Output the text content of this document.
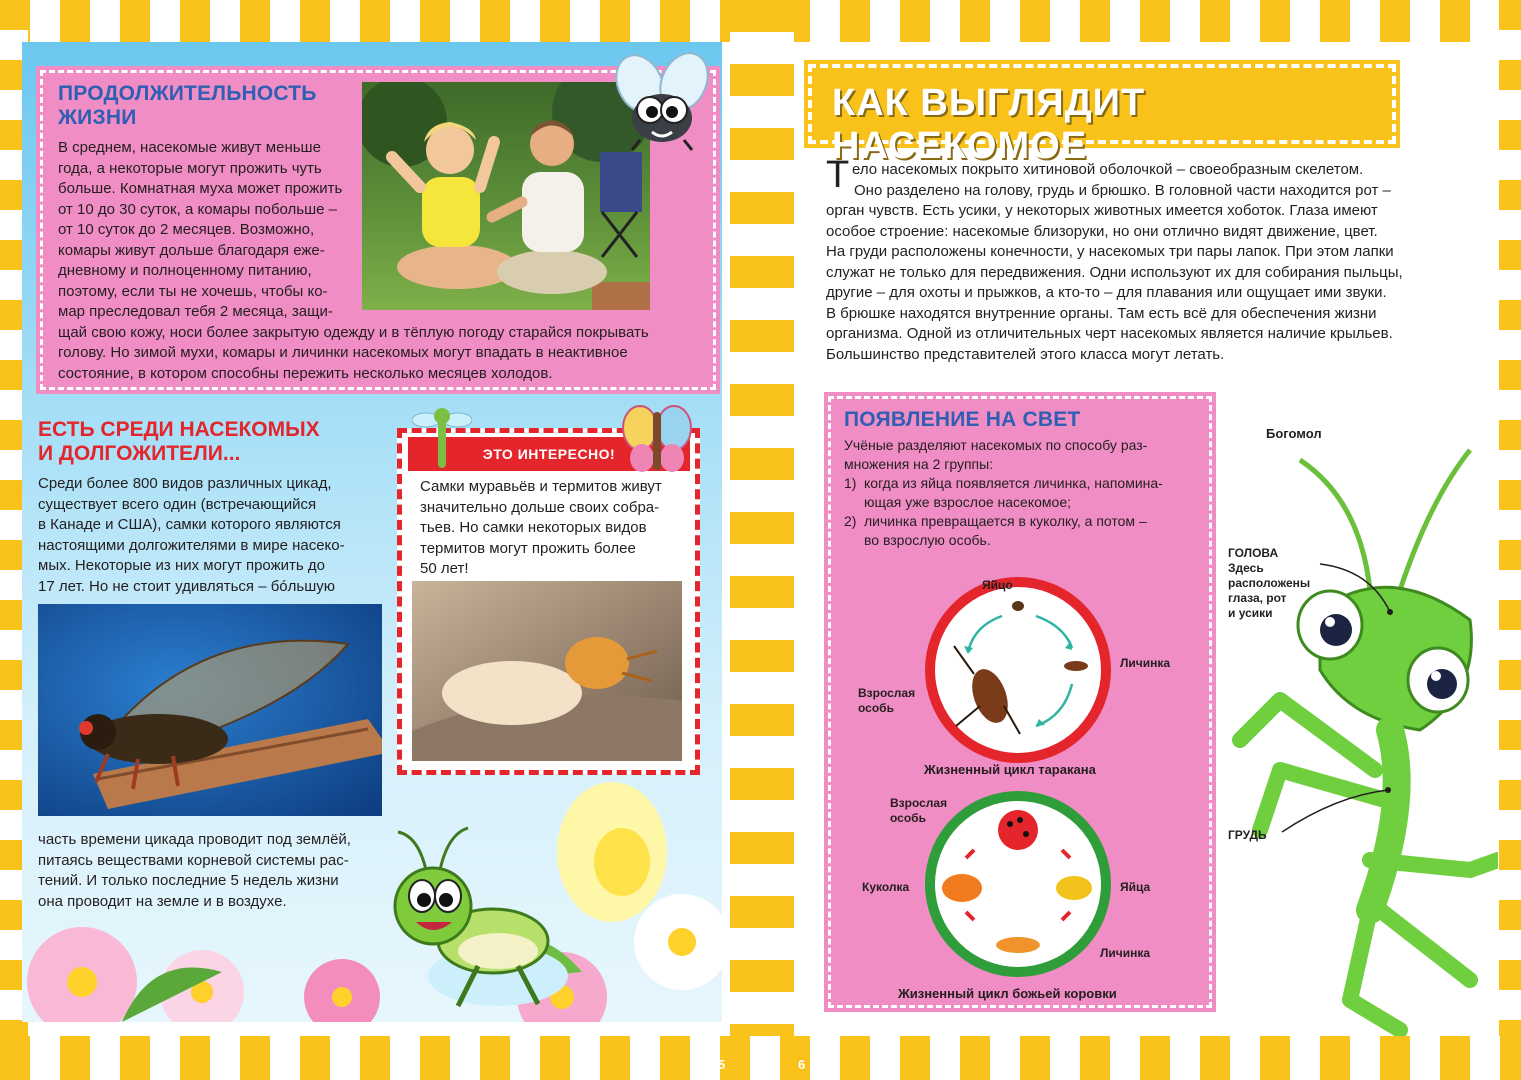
ПРОДОЛЖИТЕЛЬНОСТЬ
ЖИЗНИ
В среднем, насекомые живут меньше
года, а некоторые могут прожить чуть
больше. Комнатная муха может прожить
от 10 до 30 суток, а комары побольше –
от 10 суток до 2 месяцев. Возможно,
комары живут дольше благодаря еже-
дневному и полноценному питанию,
поэтому, если ты не хочешь, чтобы ко-
мар преследовал тебя 2 месяца, защи-
щай свою кожу, носи более закрытую одежду и в тёплую погоду старайся покрывать
голову. Но зимой мухи, комары и личинки насекомых могут впадать в неактивное
состояние, в котором способны пережить несколько месяцев холодов.
ЕСТЬ СРЕДИ НАСЕКОМЫХ
И ДОЛГОЖИТЕЛИ...
Среди более 800 видов различных цикад,
существует всего один (встречающийся
в Канаде и США), самки которого являются
настоящими долгожителями в мире насеко-
мых. Некоторые из них могут прожить до
17 лет. Но не стоит удивляться – бóльшую
часть времени цикада проводит под землёй,
питаясь веществами корневой системы рас-
тений. И только последние 5 недель жизни
она проводит на земле и в воздухе.
ЭТО ИНТЕРЕСНО!
Самки муравьёв и термитов живут
значительно дольше своих собра-
тьев. Но самки некоторых видов
термитов могут прожить более
50 лет!
5
КАК ВЫГЛЯДИТ НАСЕКОМОЕ
Т ело насекомых покрыто хитиновой оболочкой – своеобразным скелетом.
Оно разделено на голову, грудь и брюшко. В головной части находится рот –
орган чувств. Есть усики, у некоторых животных имеется хоботок. Глаза имеют
особое строение: насекомые близоруки, но они отлично видят движение, цвет.
На груди расположены конечности, у насекомых три пары лапок. При этом лапки
служат не только для передвижения. Одни используют их для собирания пыльцы,
другие – для охоты и прыжков, а кто-то – для плавания или ощущает ими звуки.
В брюшке находятся внутренние органы. Там есть всё для обеспечения жизни
организма. Одной из отличительных черт насекомых является наличие крыльев.
Большинство представителей этого класса могут летать.
ПОЯВЛЕНИЕ НА СВЕТ
Учёные разделяют насекомых по способу раз-
множения на 2 группы:
1) когда из яйца появляется личинка, напомина-
ющая уже взрослое насекомое;
2) личинка превращается в куколку, а потом –
во взрослую особь.
Яйцо
Личинка
Взрослая
особь
Жизненный цикл таракана
Взрослая
особь
Яйца
Куколка
Личинка
Жизненный цикл божьей коровки
Богомол
ГОЛОВА
Здесь
расположены
глаза, рот
и усики
ГРУДЬ
6
